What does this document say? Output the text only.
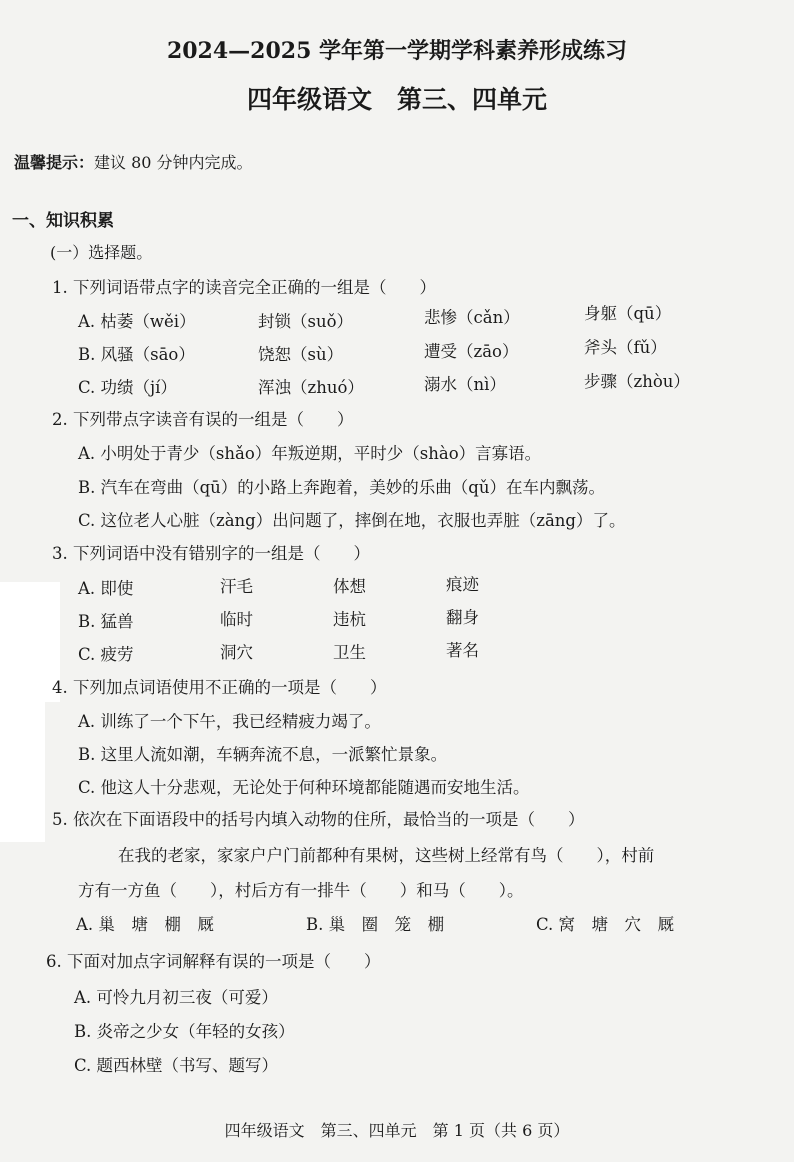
2024—2025 学年第一学期学科素养形成练习
四年级语文　第三、四单元
温馨提示：建议 80 分钟内完成。
一、知识积累
(一）选择题。
1. 下列词语带点字的读音完全正确的一组是（　　）
A. 枯萎（wěi）	封锁（suǒ）	悲惨（cǎn）	身躯（qū）
B. 风骚（sāo）	饶恕（sù）	遭受（zāo）	斧头（fǔ）
C. 功绩（jí）	浑浊（zhuó）	溺水（nì）	步骤（zhòu）
2. 下列带点字读音有误的一组是（　　）
A. 小明处于青少（shǎo）年叛逆期，平时少（shào）言寡语。
B. 汽车在弯曲（qū）的小路上奔跑着，美妙的乐曲（qǔ）在车内飘荡。
C. 这位老人心脏（zàng）出问题了，摔倒在地，衣服也弄脏（zāng）了。
3. 下列词语中没有错别字的一组是（　　）
A. 即使	汗毛	体想	痕迹
B. 猛兽	临时	违杭	翻身
C. 疲劳	洞穴	卫生	著名
4. 下列加点词语使用不正确的一项是（　　）
A. 训练了一个下午，我已经精疲力竭了。
B. 这里人流如潮，车辆奔流不息，一派繁忙景象。
C. 他这人十分悲观，无论处于何种环境都能随遇而安地生活。
5. 依次在下面语段中的括号内填入动物的住所，最恰当的一项是（　　）
在我的老家，家家户户门前都种有果树，这些树上经常有鸟（　　），村前
方有一方鱼（　　），村后方有一排牛（　　）和马（　　）。
A. 巢　塘　棚　厩	B. 巢　圈　笼　棚	C. 窝　塘　穴　厩
6. 下面对加点字词解释有误的一项是（　　）
A. 可怜九月初三夜（可爱）
B. 炎帝之少女（年轻的女孩）
C. 题西林壁（书写、题写）
四年级语文　第三、四单元　第 1 页（共 6 页）
